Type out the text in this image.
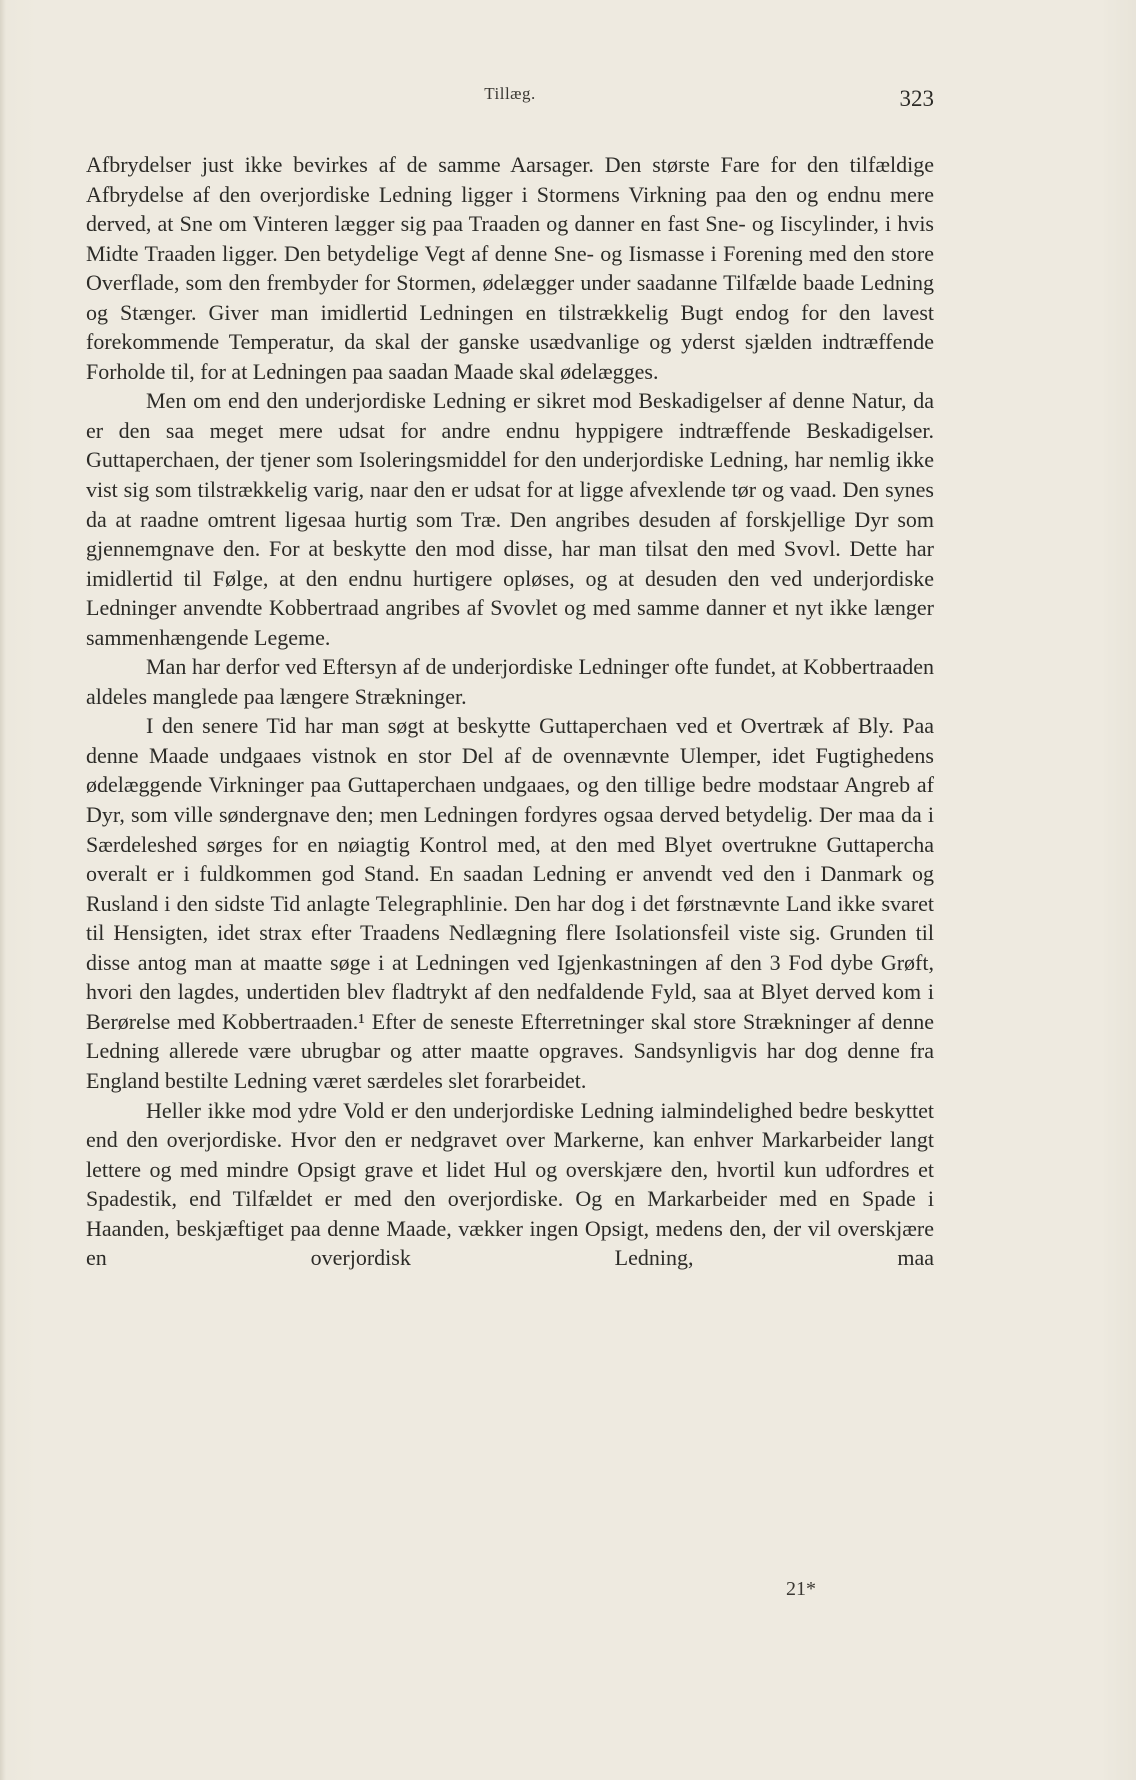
Tillæg.	323

Afbrydelser just ikke bevirkes af de samme Aarsager. Den største Fare for den tilfældige Afbrydelse af den overjordiske Ledning ligger i Stormens Virkning paa den og endnu mere derved, at Sne om Vinteren lægger sig paa Traaden og danner en fast Sne- og Iiscylinder, i hvis Midte Traaden ligger. Den betydelige Vegt af denne Sne- og Iismasse i Forening med den store Overflade, som den frembyder for Stormen, ødelægger under saadanne Tilfælde baade Ledning og Stænger. Giver man imidlertid Ledningen en tilstrækkelig Bugt endog for den lavest forekommende Temperatur, da skal der ganske usædvanlige og yderst sjælden indtræffende Forholde til, for at Ledningen paa saadan Maade skal ødelægges.

Men om end den underjordiske Ledning er sikret mod Beskadigelser af denne Natur, da er den saa meget mere udsat for andre endnu hyppigere indtræffende Beskadigelser. Guttaperchaen, der tjener som Isoleringsmiddel for den underjordiske Ledning, har nemlig ikke vist sig som tilstrækkelig varig, naar den er udsat for at ligge afvexlende tør og vaad. Den synes da at raadne omtrent ligesaa hurtig som Træ. Den angribes desuden af forskjellige Dyr som gjennemgnave den. For at beskytte den mod disse, har man tilsat den med Svovl. Dette har imidlertid til Følge, at den endnu hurtigere opløses, og at desuden den ved underjordiske Ledninger anvendte Kobbertraad angribes af Svovlet og med samme danner et nyt ikke længer sammenhængende Legeme.

Man har derfor ved Eftersyn af de underjordiske Ledninger ofte fundet, at Kobbertraaden aldeles manglede paa længere Strækninger.

I den senere Tid har man søgt at beskytte Guttaperchaen ved et Overtræk af Bly. Paa denne Maade undgaaes vistnok en stor Del af de ovennævnte Ulemper, idet Fugtighedens ødelæggende Virkninger paa Guttaperchaen undgaaes, og den tillige bedre modstaar Angreb af Dyr, som ville søndergnave den; men Ledningen fordyres ogsaa derved betydelig. Der maa da i Særdeleshed sørges for en nøiagtig Kontrol med, at den med Blyet overtrukne Guttapercha overalt er i fuldkommen god Stand. En saadan Ledning er anvendt ved den i Danmark og Rusland i den sidste Tid anlagte Telegraphlinie. Den har dog i det førstnævnte Land ikke svaret til Hensigten, idet strax efter Traadens Nedlægning flere Isolationsfeil viste sig. Grunden til disse antog man at maatte søge i at Ledningen ved Igjenkastningen af den 3 Fod dybe Grøft, hvori den lagdes, undertiden blev fladtrykt af den nedfaldende Fyld, saa at Blyet derved kom i Berørelse med Kobbertraaden.¹ Efter de seneste Efterretninger skal store Strækninger af denne Ledning allerede være ubrugbar og atter maatte opgraves. Sandsynligvis har dog denne fra England bestilte Ledning været særdeles slet forarbeidet.

Heller ikke mod ydre Vold er den underjordiske Ledning ialmindelighed bedre beskyttet end den overjordiske. Hvor den er nedgravet over Markerne, kan enhver Markarbeider langt lettere og med mindre Opsigt grave et lidet Hul og overskjære den, hvortil kun udfordres et Spadestik, end Tilfældet er med den overjordiske. Og en Markarbeider med en Spade i Haanden, beskjæftiget paa denne Maade, vækker ingen Opsigt, medens den, der vil overskjære en overjordisk Ledning, maa

21*
